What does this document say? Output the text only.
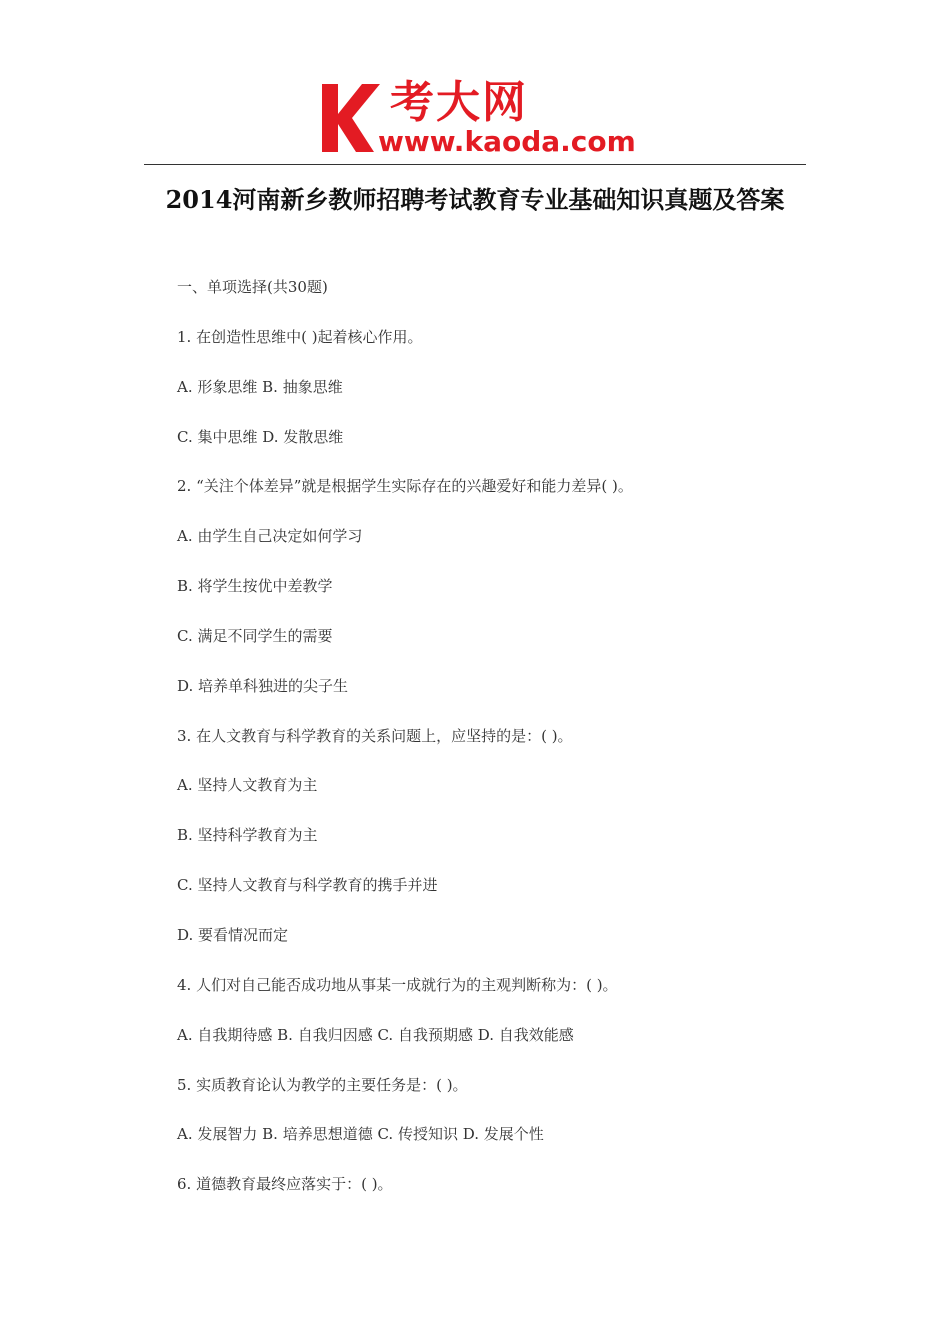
考大网
www.kaoda.com
2014河南新乡教师招聘考试教育专业基础知识真题及答案
一、单项选择(共30题)
1. 在创造性思维中( )起着核心作用。
A. 形象思维 B. 抽象思维
C. 集中思维 D. 发散思维
2. “关注个体差异”就是根据学生实际存在的兴趣爱好和能力差异( )。
A. 由学生自己决定如何学习
B. 将学生按优中差教学
C. 满足不同学生的需要
D. 培养单科独进的尖子生
3. 在人文教育与科学教育的关系问题上，应坚持的是：( )。
A. 坚持人文教育为主
B. 坚持科学教育为主
C. 坚持人文教育与科学教育的携手并进
D. 要看情况而定
4. 人们对自己能否成功地从事某一成就行为的主观判断称为：( )。
A. 自我期待感 B. 自我归因感 C. 自我预期感 D. 自我效能感
5. 实质教育论认为教学的主要任务是：( )。
A. 发展智力 B. 培养思想道德 C. 传授知识 D. 发展个性
6. 道德教育最终应落实于：( )。
